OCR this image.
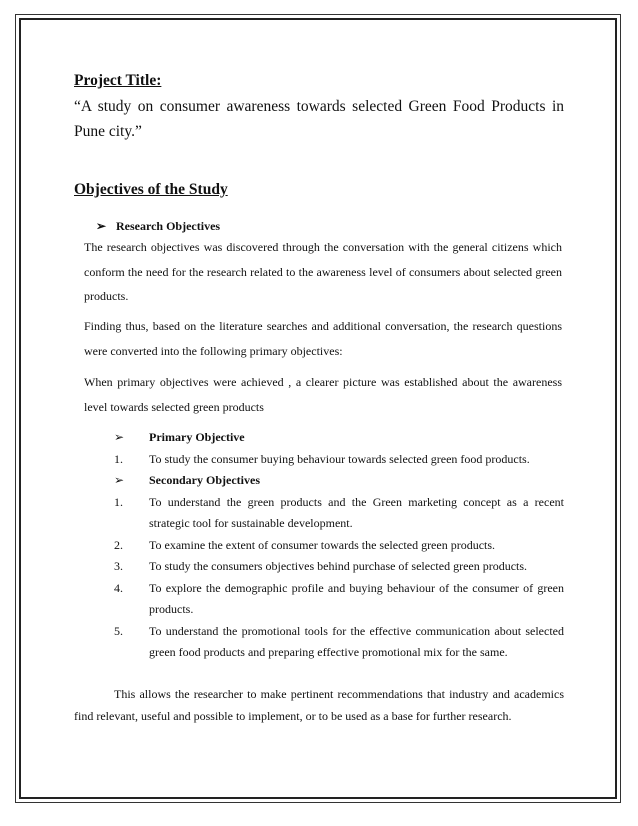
Project Title:

“A study on consumer awareness towards selected Green Food Products in Pune city.”

Objectives of the Study

➢ Research Objectives

The research objectives was discovered through the conversation with the general citizens which conform the need for the research related to the awareness level of consumers about selected green products.

Finding thus, based on the literature searches and additional conversation, the research questions were converted into the following primary objectives:

When primary objectives were achieved , a clearer picture was established about the awareness level towards selected green products

➢	Primary Objective
1.	To study the consumer buying behaviour towards selected green food products.
➢	Secondary Objectives
1.	To understand the green products and the Green marketing concept as a recent strategic tool for sustainable development.
2.	To examine the extent of consumer towards the selected green products.
3.	To study the consumers objectives behind purchase of selected green products.
4.	To explore the demographic profile and buying behaviour of the consumer of green products.
5.	To understand the promotional tools for the effective communication about selected green food products and preparing effective promotional mix for the same.

This allows the researcher to make pertinent recommendations that industry and academics find relevant, useful and possible to implement, or to be used as a base for further research.
